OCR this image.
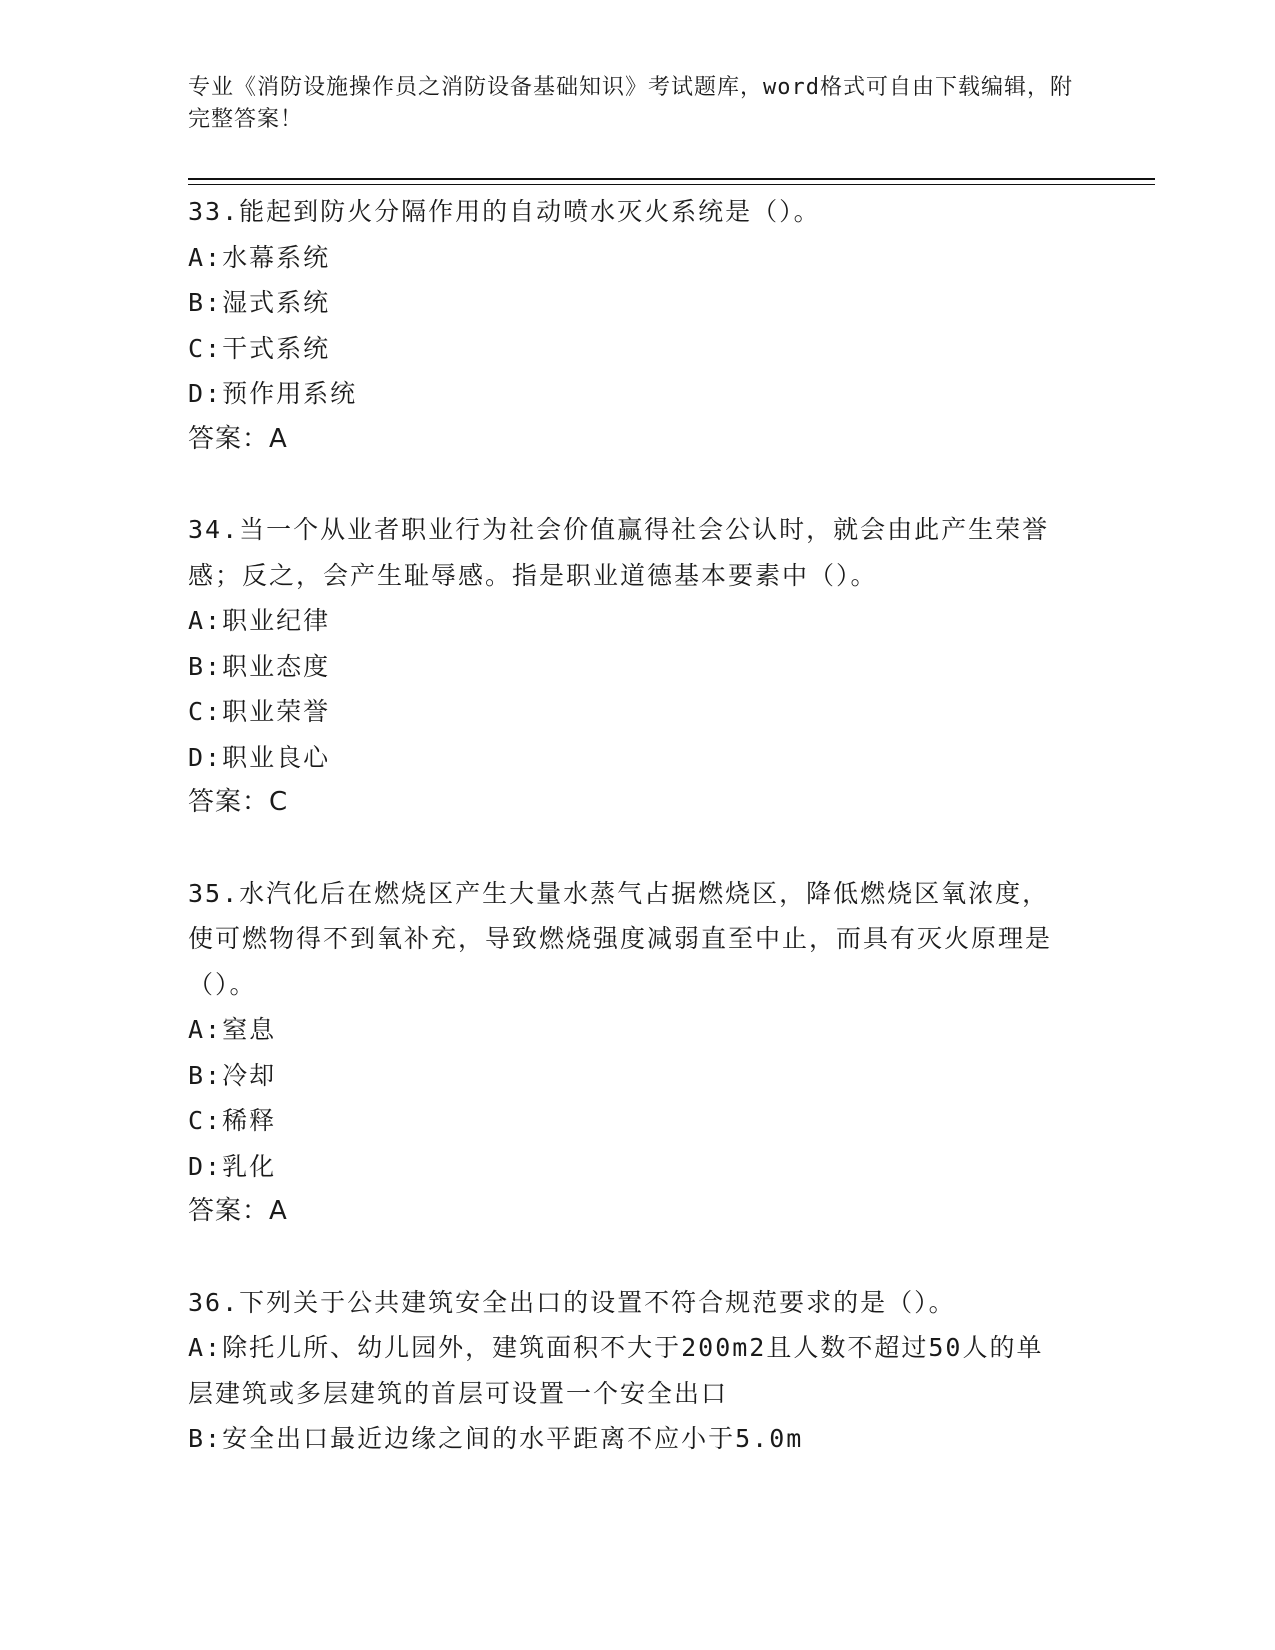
专业《消防设施操作员之消防设备基础知识》考试题库，word格式可自由下载编辑，附完整答案！

33.能起到防火分隔作用的自动喷水灭火系统是（）。

A:水幕系统

B:湿式系统

C:干式系统

D:预作用系统

答案：A

34.当一个从业者职业行为社会价值赢得社会公认时，就会由此产生荣誉感；反之，会产生耻辱感。指是职业道德基本要素中（）。

A:职业纪律

B:职业态度

C:职业荣誉

D:职业良心

答案：C

35.水汽化后在燃烧区产生大量水蒸气占据燃烧区，降低燃烧区氧浓度，使可燃物得不到氧补充，导致燃烧强度减弱直至中止，而具有灭火原理是（）。

A:窒息

B:冷却

C:稀释

D:乳化

答案：A

36.下列关于公共建筑安全出口的设置不符合规范要求的是（）。

A:除托儿所、幼儿园外，建筑面积不大于200m2且人数不超过50人的单层建筑或多层建筑的首层可设置一个安全出口

B:安全出口最近边缘之间的水平距离不应小于5.0m
